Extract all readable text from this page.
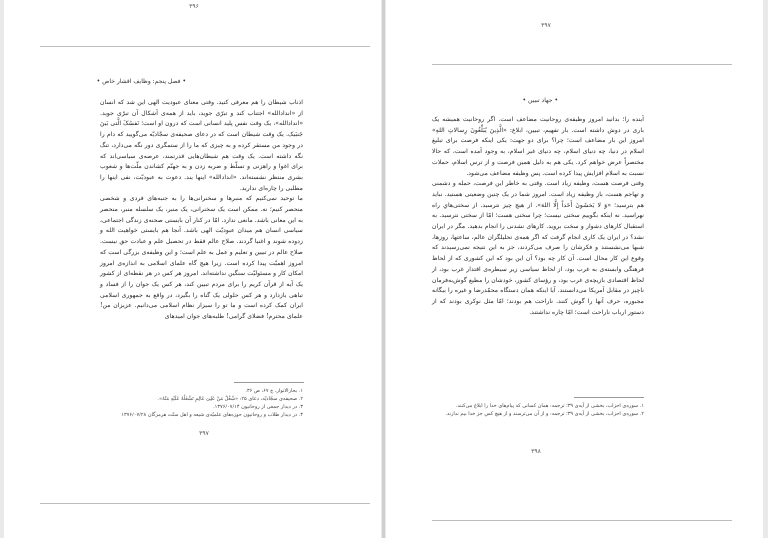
۳۹۶
• فصل پنجم: وظایف اقشار خاص •

اذناب شیطان را هم معرفی کنید. وقتی معنای عبودیت الهی این شد که انسان از «اندادالله» اجتناب کند و تبرّی جوید، باید از همه‌ی اَشکال آن تبرّی جوید. «اندادالله»، یک وقت نفس پلید انسانی است که درون او است؛ نَفسُکَ الَّتی بَینَ جَنبَیک. یک وقت شیطان است که در دعای صحیفه‌ی سجّادیّه می‌گویید که دام را در وجود من مستقر کرده و به چیزی که ما را از ستمگری دور نگه می‌دارد، تنگ نگه داشته است. یک وقت هم شیطان‌هایی قدرتمند، عرصه‌ی سیاسی‌اند که برای اغوا و راهزنی و تسلّط و ضربه زدن و به جهنّم کشاندن ملّت‌ها و شعوب بشری منتظر نشسته‌اند. «اندادالله» اینها یند. دعوت به عبودیّت، نفی اینها را مطلبی را چاره‌ای ندارید.

ما توحید نمی‌کنیم که منبرها و سخنرانی‌ها را به جنبه‌های فردی و شخصی منحصر کنیم؛ نه. ممکن است یک سخنرانی، یک منبر، یک سلسله منبر، منحصر به این معانی باشد. مانعی ندارد. امّا در کنار آن بایستی صحنه‌ی زندگی اجتماعی، سیاسی انسان هم میدان عبودیّت الهی باشد. آنجا هم بایستی خواهیت الله و زدوده شوند و اغنیا گردند. صلاح عالم فقط در تحصیل علم و عبادت حق نیست. صلاح عالم در تبیین و تعلیم و عمل به علم است؛ و این وظیفه‌ی بزرگی است که امروز اهمیّت پیدا کرده است. زیرا هیچ گاه علمای اسلامی به اندازه‌ی امروز امکان کار و مسئولیّت سنگین نداشته‌اند. امروز هر کس در هر نقطه‌ای از کشور یک آیه از قرآن کریم را برای مردم تبیین کند، هر کس یک جوان را از فساد و تباهی بازدارد و هر کس حلولی یک گناه را بگیرد، در واقع به جمهوری اسلامی ایران کمک کرده است و ما تو را سیزار نظام اسلامی می‌دانیم. عزیزان من! علمای محترم! فضلای گرامی! طلبه‌های جوان امیدهای

۱. بحارالانوار، ج ۶۷، ص ۳۶.
۲. صحیفه‌ی سجّادیّه، دعای ۲۵: «شُغْلٌ مَنْ عَلِیَ عَالِمِ تَشْغَلُهُ عَلَیْهِ مَنْهُ».
۳. در دیدار جمعی از روحانیون ۱۳۷۶/۰۷/۱۴.
۴. در دیدار طلاب و روحانیون حوزه‌های علمیّه‌ی شیعه و اهل سنّت هرمزگان ۱۳۷۶/۰۷/۲۸
۳۹۷
۳۹۷
• جهاد تبیین •

آینده را؛ بدانید امروز وظیفه‌ی روحانیت مضاعف است. اگر روحانیت همیشه یک باری در دوش داشته است. بار تفهیم، تبیین، ابلاغ: «الَّذِینَ یُبَلِّغُونَ رِسالاتِ اللهِ» امروز این بار مضاعف است؛ چرا؟ برای دو جهت: یکی اینکه فرصت برای تبلیغ اسلام در دنیا، چه دنیای اسلام، چه دنیای غیر اسلام، به وجود آمده است، که حالا مختصراً عرض خواهم کرد. یکی هم به دلیل همین فرصت و از ترس اسلام، حملات نسبت به اسلام افزایش پیدا کرده است. پس وظیفه مضاعف می‌شود.

وقتی فرصت هست، وظیفه زیاد است. وقتی به خاطر این فرصت، حمله و دشمنی و تهاجم هست، باز وظیفه زیاد است. امروز شما در یک چنین وضعیتی هستید. نباید هم بترسید؛ «وَ لا یَخشَونَ أَحَداً إِلَّا اللهَ». از هیچ چیز نترسید. از سختی‌هایِ راه نهراسید. نه اینکه بگوییم سختی نیست؛ چرا سختی هست؛ امّا از سختی نترسید. به استقبال کارهای دشوار و سخت بروید. کارهای نشدنی را انجام بدهید. مگر در ایران نشد؟ در ایران یک کاری انجام گرفت که اگر همه‌ی تحلیلگران عالم، ساعتها، روزها، شبها می‌نشستند و فکرشان را صرف می‌کردند، جز به این نتیجه نمی‌رسیدند که وقوع این کار محال است. آن کار چه بود؟ آن این بود که این کشوری که از لحاظ فرهنگی وابسته‌ی به غرب بود، از لحاظ سیاسی زیر سیطره‌ی اقتدار غرب بود، از لحاظ اقتصادی بازیچه‌ی غرب بود، و رؤسای کشور، خودشان را مطیع گوش‌به‌فرمان ناچیز در مقابل آمریکا می‌دانستند. آیا اینکه همان دستگاه محمّدرضا و غیره را بیگانه مجبوره، حرف آنها را گوش کنند. ناراحت هم بودند؛ امّا مثل نوکری بودند که از دستور ارباب ناراحت است؛ امّا چاره نداشتند.

۱. سوره‌ی احزاب، بخشی از آیه‌ی ۳۹؛ ترجمه: همان کسانی که پیام‌های خدا را ابلاغ می‌کنند.
۲. سوره‌ی احزاب، بخشی از آیه‌ی ۳۹؛ ترجمه: و از آن می‌ترسند و از هیچ کس جز خدا بیم ندارند.
۳۹۸
